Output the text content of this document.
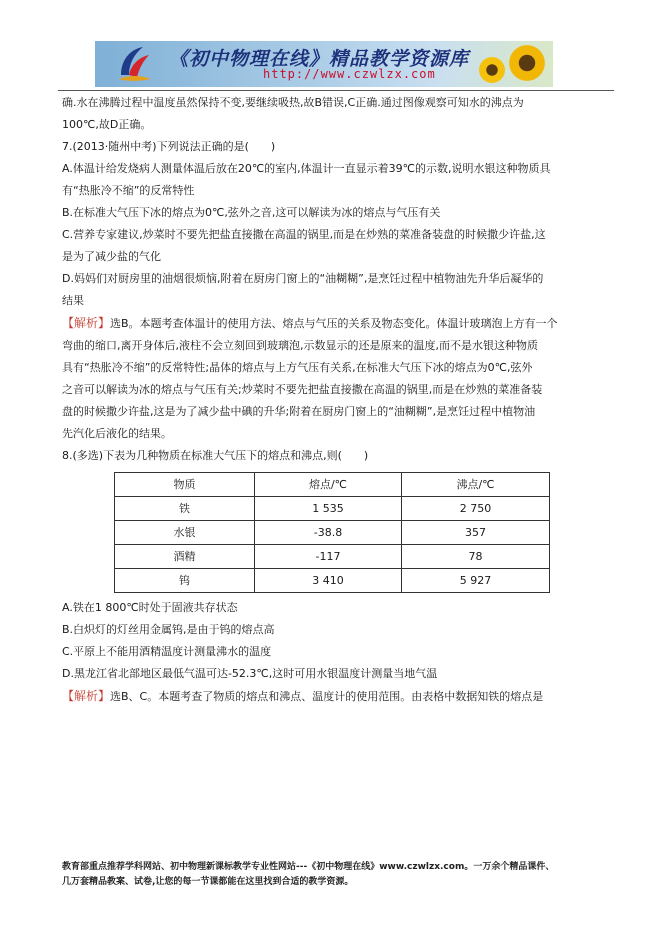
《初中物理在线》精品教学资源库
http://www.czwlzx.com

确.水在沸腾过程中温度虽然保持不变,要继续吸热,故B错误,C正确.通过图像观察可知水的沸点为

100℃,故D正确。

7.(2013·随州中考)下列说法正确的是(　　)

A.体温计给发烧病人测量体温后放在20℃的室内,体温计一直显示着39℃的示数,说明水银这种物质具

有“热胀冷不缩”的反常特性

B.在标准大气压下冰的熔点为0℃,弦外之音,这可以解读为冰的熔点与气压有关

C.营养专家建议,炒菜时不要先把盐直接撒在高温的锅里,而是在炒熟的菜准备装盘的时候撒少许盐,这

是为了减少盐的气化

D.妈妈们对厨房里的油烟很烦恼,附着在厨房门窗上的“油糊糊”,是烹饪过程中植物油先升华后凝华的

结果

【解析】选B。本题考查体温计的使用方法、熔点与气压的关系及物态变化。体温计玻璃泡上方有一个

弯曲的缩口,离开身体后,液柱不会立刻回到玻璃泡,示数显示的还是原来的温度,而不是水银这种物质

具有“热胀冷不缩”的反常特性;晶体的熔点与上方气压有关系,在标准大气压下冰的熔点为0℃,弦外

之音可以解读为冰的熔点与气压有关;炒菜时不要先把盐直接撒在高温的锅里,而是在炒熟的菜准备装

盘的时候撒少许盐,这是为了减少盐中碘的升华;附着在厨房门窗上的“油糊糊”,是烹饪过程中植物油

先汽化后液化的结果。

8.(多选)下表为几种物质在标准大气压下的熔点和沸点,则(　　)

物质	熔点/℃	沸点/℃
铁	1 535	2 750
水银	-38.8	357
酒精	-117	78
钨	3 410	5 927

A.铁在1 800℃时处于固液共存状态

B.白炽灯的灯丝用金属钨,是由于钨的熔点高

C.平原上不能用酒精温度计测量沸水的温度

D.黑龙江省北部地区最低气温可达-52.3℃,这时可用水银温度计测量当地气温

【解析】选B、C。本题考查了物质的熔点和沸点、温度计的使用范围。由表格中数据知铁的熔点是

教育部重点推荐学科网站、初中物理新课标教学专业性网站---《初中物理在线》www.czwlzx.com。一万余个精品课件、
几万套精品教案、试卷,让您的每一节课都能在这里找到合适的教学资源。
